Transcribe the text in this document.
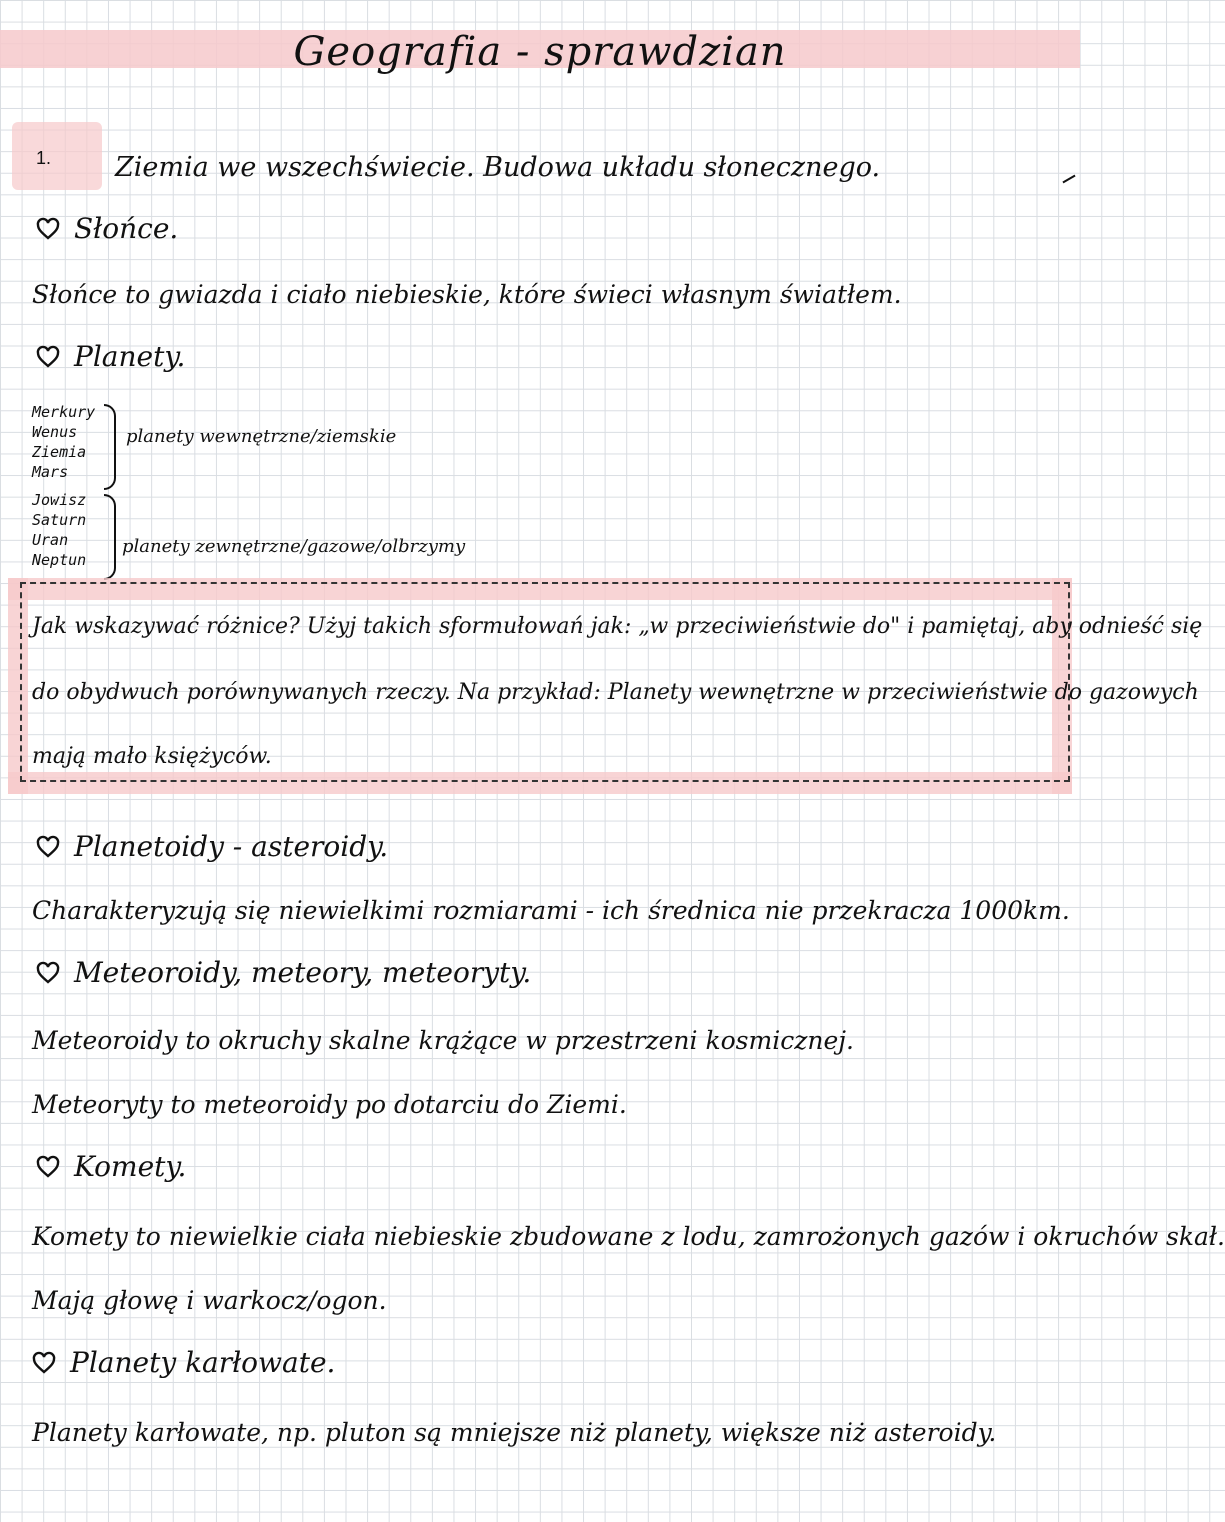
Geografia - sprawdzian
1. Ziemia we wszechświecie. Budowa układu słonecznego.
Słońce.
Słońce to gwiazda i ciało niebieskie, które świeci własnym światłem.
Planety.
Merkury
Wenus
Ziemia
Mars
planety wewnętrzne/ziemskie
Jowisz
Saturn
Uran
Neptun
planety zewnętrzne/gazowe/olbrzymy
Jak wskazywać różnice? Użyj takich sformułowań jak: „w przeciwieństwie do" i pamiętaj, aby odnieść się
do obydwuch porównywanych rzeczy. Na przykład: Planety wewnętrzne w przeciwieństwie do gazowych
mają mało księżyców.
Planetoidy - asteroidy.
Charakteryzują się niewielkimi rozmiarami - ich średnica nie przekracza 1000km.
Meteoroidy, meteory, meteoryty.
Meteoroidy to okruchy skalne krążące w przestrzeni kosmicznej.
Meteoryty to meteoroidy po dotarciu do Ziemi.
Komety.
Komety to niewielkie ciała niebieskie zbudowane z lodu, zamrożonych gazów i okruchów skał.
Mają głowę i warkocz/ogon.
Planety karłowate.
Planety karłowate, np. pluton są mniejsze niż planety, większe niż asteroidy.
